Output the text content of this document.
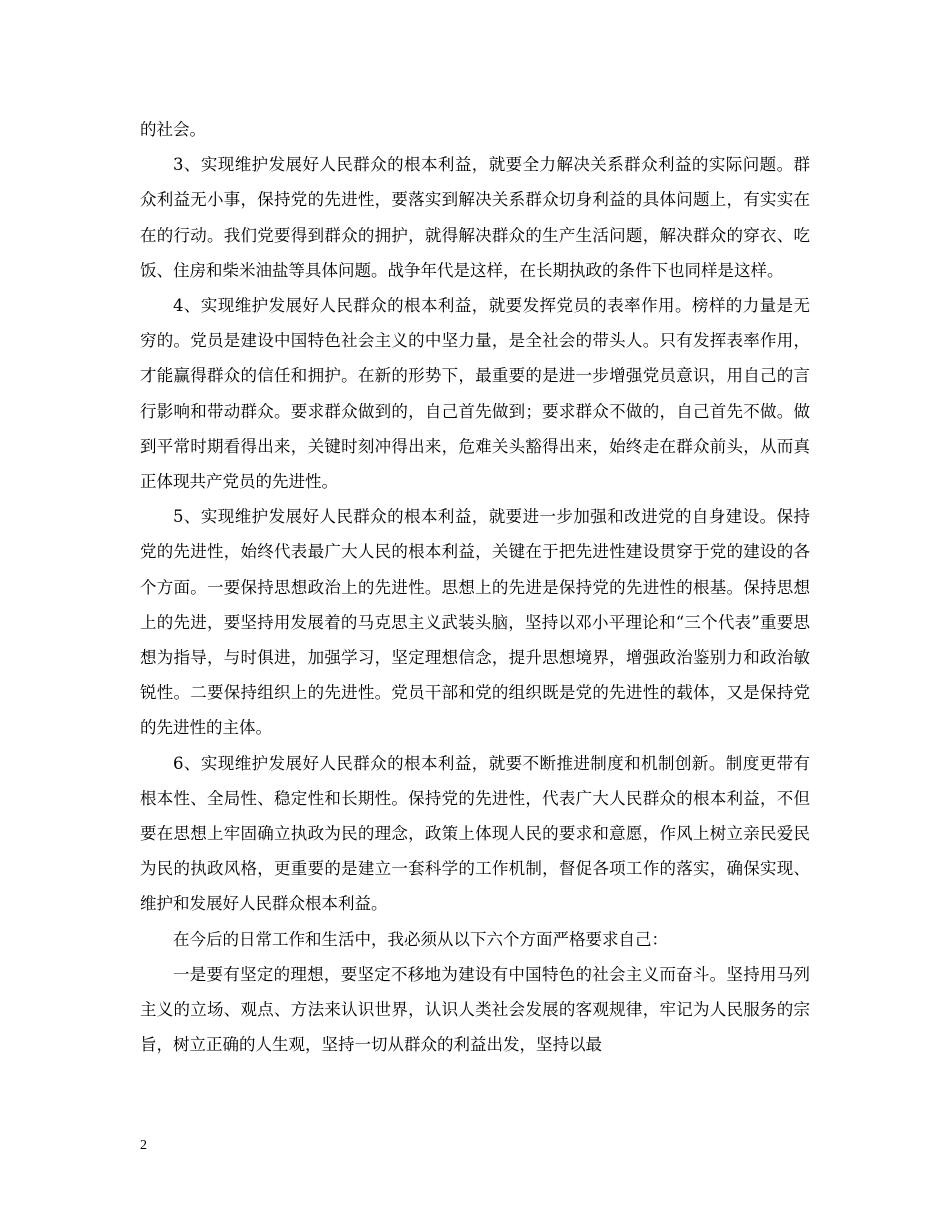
的社会。

3、实现维护发展好人民群众的根本利益，就要全力解决关系群众利益的实际问题。群众利益无小事，保持党的先进性，要落实到解决关系群众切身利益的具体问题上，有实实在在的行动。我们党要得到群众的拥护，就得解决群众的生产生活问题，解决群众的穿衣、吃饭、住房和柴米油盐等具体问题。战争年代是这样，在长期执政的条件下也同样是这样。

4、实现维护发展好人民群众的根本利益，就要发挥党员的表率作用。榜样的力量是无穷的。党员是建设中国特色社会主义的中坚力量，是全社会的带头人。只有发挥表率作用，才能赢得群众的信任和拥护。在新的形势下，最重要的是进一步增强党员意识，用自己的言行影响和带动群众。要求群众做到的，自己首先做到；要求群众不做的，自己首先不做。做到平常时期看得出来，关键时刻冲得出来，危难关头豁得出来，始终走在群众前头，从而真正体现共产党员的先进性。

5、实现维护发展好人民群众的根本利益，就要进一步加强和改进党的自身建设。保持党的先进性，始终代表最广大人民的根本利益，关键在于把先进性建设贯穿于党的建设的各个方面。一要保持思想政治上的先进性。思想上的先进是保持党的先进性的根基。保持思想上的先进，要坚持用发展着的马克思主义武装头脑，坚持以邓小平理论和“三个代表”重要思想为指导，与时俱进，加强学习，坚定理想信念，提升思想境界，增强政治鉴别力和政治敏锐性。二要保持组织上的先进性。党员干部和党的组织既是党的先进性的载体，又是保持党的先进性的主体。

6、实现维护发展好人民群众的根本利益，就要不断推进制度和机制创新。制度更带有根本性、全局性、稳定性和长期性。保持党的先进性，代表广大人民群众的根本利益，不但要在思想上牢固确立执政为民的理念，政策上体现人民的要求和意愿，作风上树立亲民爱民为民的执政风格，更重要的是建立一套科学的工作机制，督促各项工作的落实，确保实现、维护和发展好人民群众根本利益。

在今后的日常工作和生活中，我必须从以下六个方面严格要求自己：

一是要有坚定的理想，要坚定不移地为建设有中国特色的社会主义而奋斗。坚持用马列主义的立场、观点、方法来认识世界，认识人类社会发展的客观规律，牢记为人民服务的宗旨，树立正确的人生观，坚持一切从群众的利益出发，坚持以最

2
